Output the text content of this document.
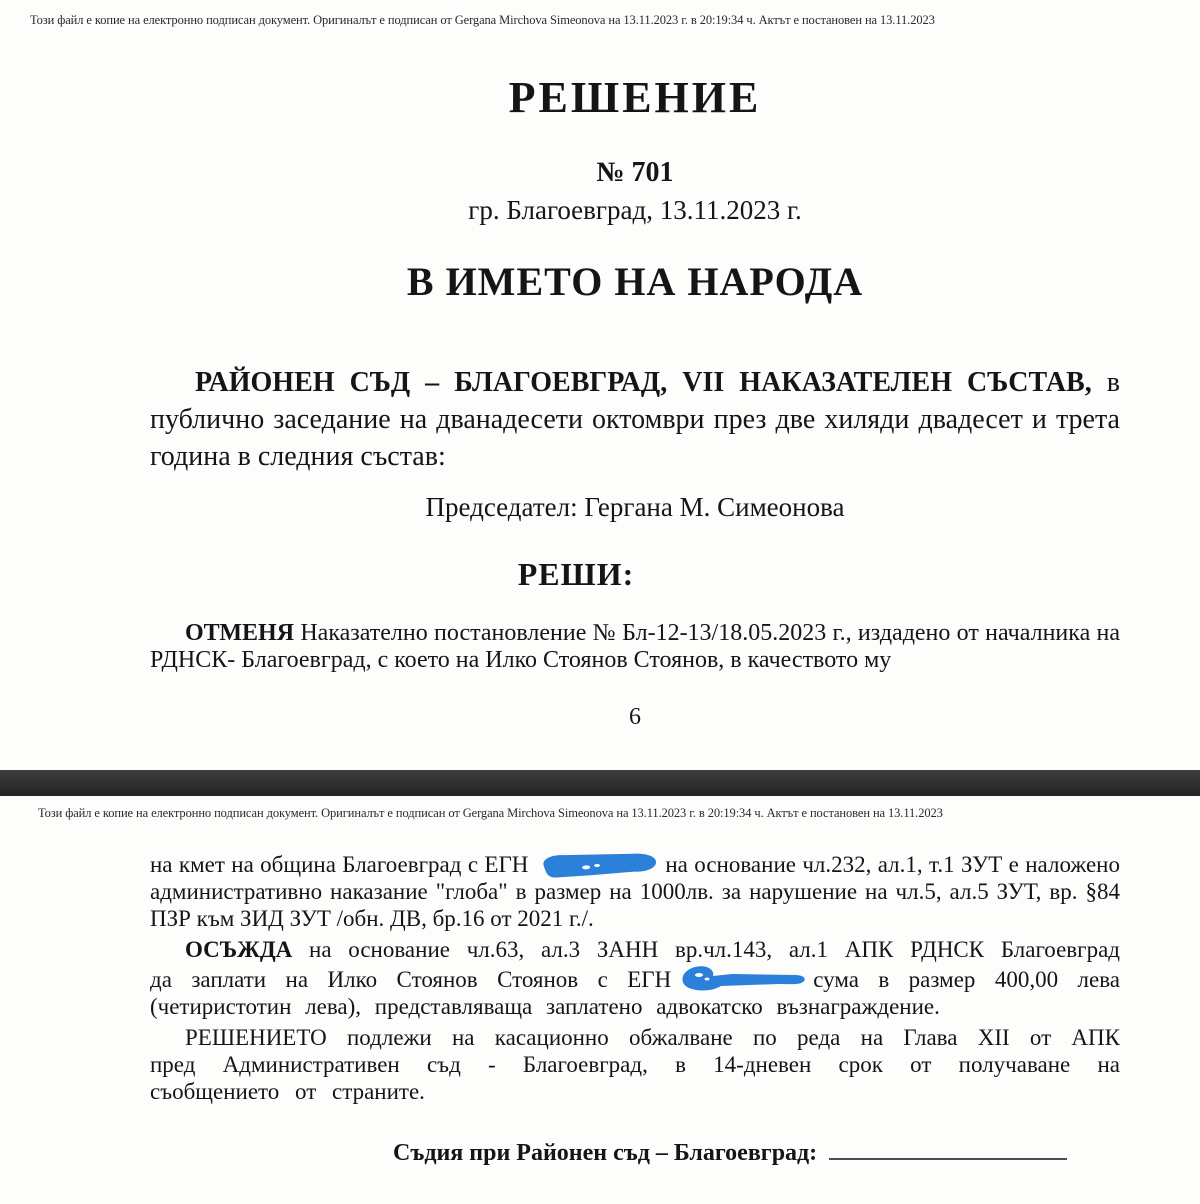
Този файл е копие на електронно подписан документ. Оригиналът е подписан от Gergana Mirchova Simeonova на 13.11.2023 г. в 20:19:34 ч. Актът е постановен на 13.11.2023
РЕШЕНИЕ
№ 701
гр. Благоевград, 13.11.2023 г.
В ИМЕТО НА НАРОДА

РАЙОНЕН СЪД – БЛАГОЕВГРАД, VII НАКАЗАТЕЛЕН СЪСТАВ, в публично заседание на дванадесети октомври през две хиляди двадесет и трета година в следния състав:

Председател: Гергана М. Симеонова
РЕШИ:

ОТМЕНЯ Наказателно постановление № Бл-12-13/18.05.2023 г., издадено от началника на РДНСК- Благоевград, с което на Илко Стоянов Стоянов, в качеството му

6
Този файл е копие на електронно подписан документ. Оригиналът е подписан от Gergana Mirchova Simeonova на 13.11.2023 г. в 20:19:34 ч. Актът е постановен на 13.11.2023

на кмет на община Благоевград с ЕГН	на основание чл.232, ал.1, т.1 ЗУТ е наложено административно наказание "глоба" в размер на 1000лв. за нарушение на чл.5, ал.5 ЗУТ, вр. §84 ПЗР към ЗИД ЗУТ /обн. ДВ, бр.16 от 2021 г./.

ОСЪЖДА на основание чл.63, ал.3 ЗАНН вр.чл.143, ал.1 АПК РДНСК Благоевград да заплати на Илко Стоянов Стоянов с ЕГН	сума в размер 400,00 лева (четиристотин лева), представляваща заплатено адвокатско възнаграждение.

РЕШЕНИЕТО подлежи на касационно обжалване по реда на Глава XII от АПК пред Административен съд - Благоевград, в 14-дневен срок от получаване на съобщението от страните.

Съдия при Районен съд – Благоевград:
